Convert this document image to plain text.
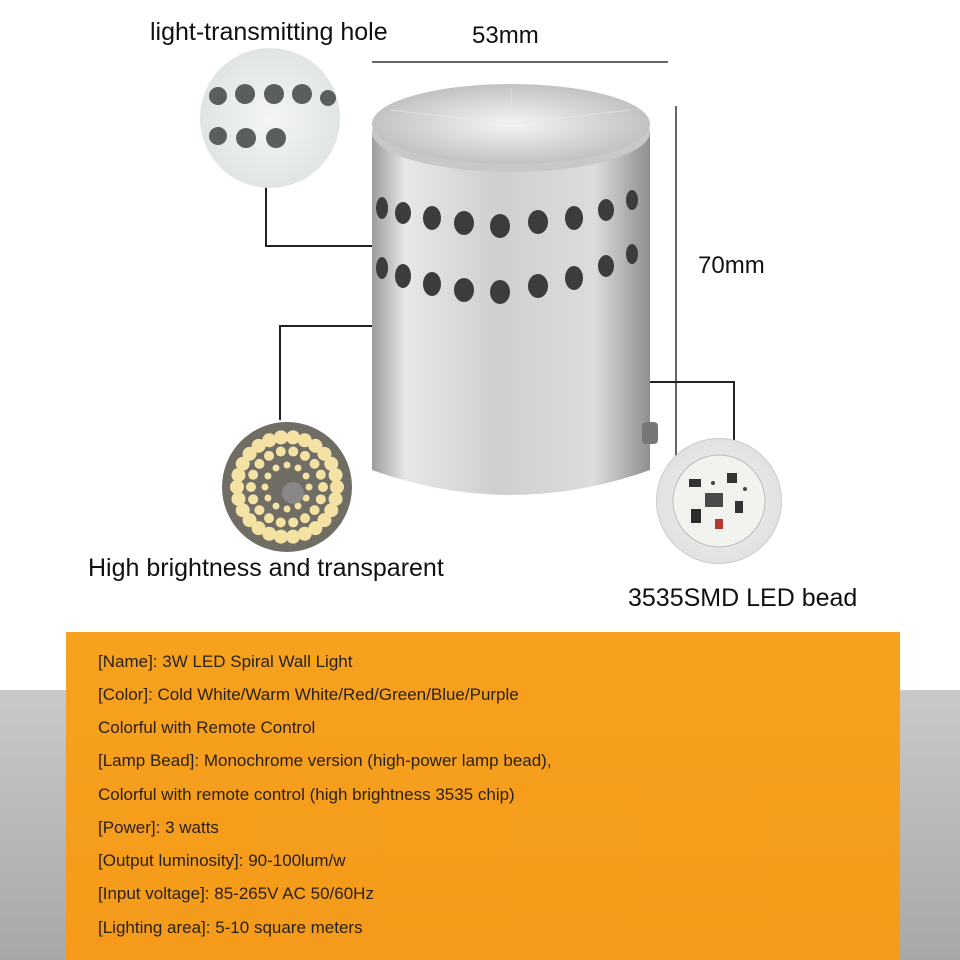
light-transmitting hole	53mm
70mm
High brightness and transparent
3535SMD LED bead
[Name]: 3W LED Spiral Wall Light
[Color]: Cold White/Warm White/Red/Green/Blue/Purple
Colorful with Remote Control
[Lamp Bead]: Monochrome version (high-power lamp bead),
Colorful with remote control (high brightness 3535 chip)
[Power]: 3 watts
[Output luminosity]: 90-100lum/w
[Input voltage]: 85-265V AC 50/60Hz
[Lighting area]: 5-10 square meters
